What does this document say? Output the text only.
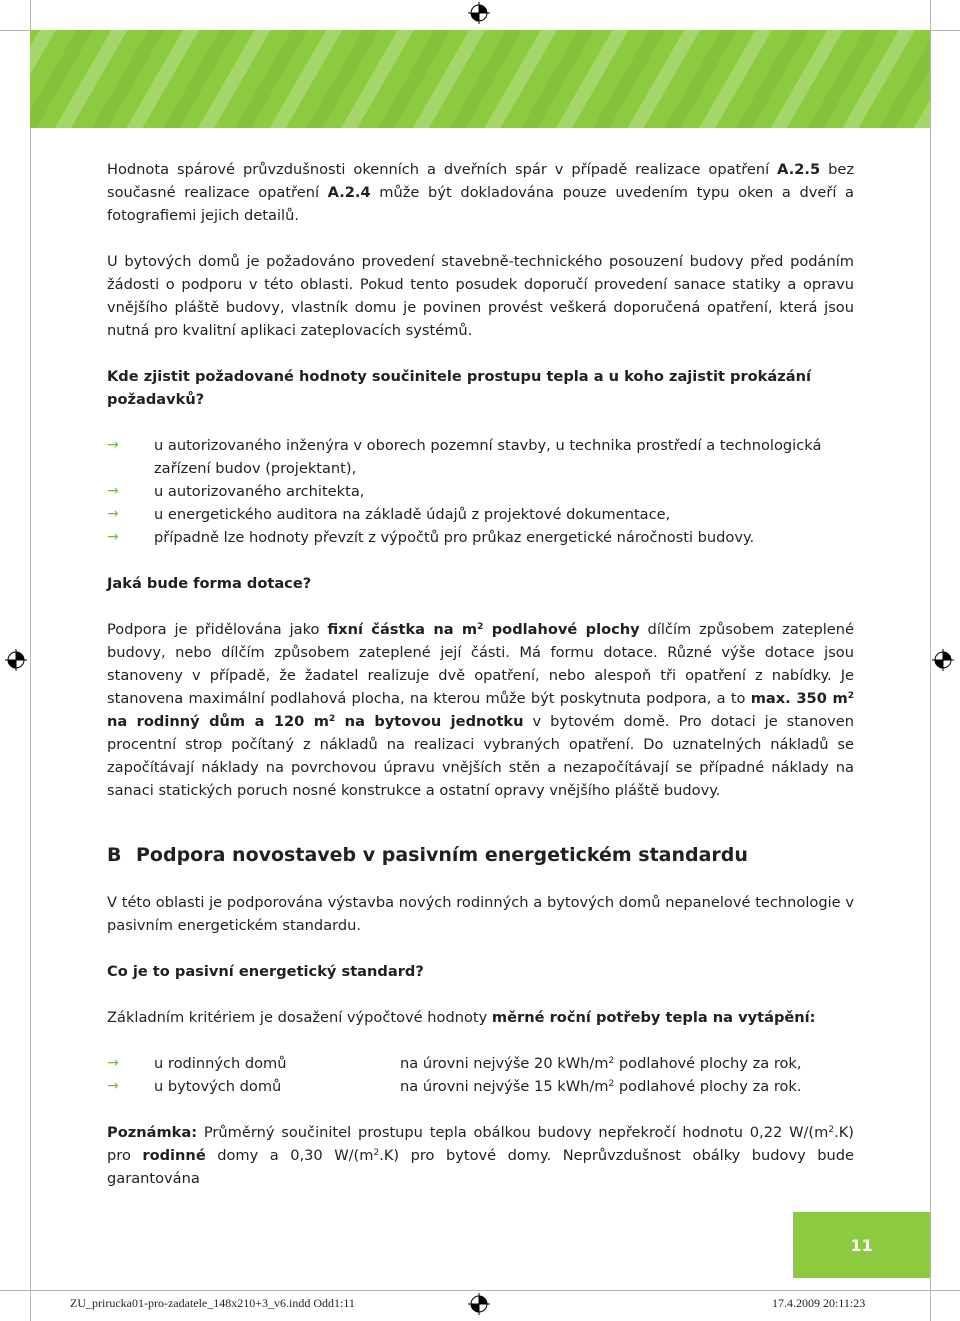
Hodnota spárové průvzdušnosti okenních a dveřních spár v případě realizace opatření A.2.5 bez současné realizace opatření A.2.4 může být dokladována pouze uvedením typu oken a dveří a fotografiemi jejich detailů.

U bytových domů je požadováno provedení stavebně-technického posouzení budovy před podáním žádosti o podporu v této oblasti. Pokud tento posudek doporučí provedení sanace statiky a opravu vnějšího pláště budovy, vlastník domu je povinen provést veškerá doporučená opatření, která jsou nutná pro kvalitní aplikaci zateplovacích systémů.

Kde zjistit požadované hodnoty součinitele prostupu tepla a u koho zajistit prokázání požadavků?

→ u autorizovaného inženýra v oborech pozemní stavby, u technika prostředí a technologická zařízení budov (projektant),
→ u autorizovaného architekta,
→ u energetického auditora na základě údajů z projektové dokumentace,
→ případně lze hodnoty převzít z výpočtů pro průkaz energetické náročnosti budovy.

Jaká bude forma dotace?

Podpora je přidělována jako fixní částka na $m^2$ podlahové plochy dílčím způsobem zateplené budovy, nebo dílčím způsobem zateplené její části. Má formu dotace. Různé výše dotace jsou stanoveny v případě, že žadatel realizuje dvě opatření, nebo alespoň tři opatření z nabídky. Je stanovena maximální podlahová plocha, na kterou může být poskytnuta podpora, a to max. 350 $m^2$ na rodinný dům a 120 $m^2$ na bytovou jednotku v bytovém domě. Pro dotaci je stanoven procentní strop počítaný z nákladů na realizaci vybraných opatření. Do uznatelných nákladů se započítávají náklady na povrchovou úpravu vnějších stěn a nezapočítávají se případné náklady na sanaci statických poruch nosné konstrukce a ostatní opravy vnějšího pláště budovy.

B Podpora novostaveb v pasivním energetickém standardu

V této oblasti je podporována výstavba nových rodinných a bytových domů nepanelové technologie v pasivním energetickém standardu.

Co je to pasivní energetický standard?

Základním kritériem je dosažení výpočtové hodnoty měrné roční potřeby tepla na vytápění:

→ u rodinných domů	na úrovni nejvýše 20 kWh/$m^2$ podlahové plochy za rok,
→ u bytových domů	na úrovni nejvýše 15 kWh/$m^2$ podlahové plochy za rok.

Poznámka: Průměrný součinitel prostupu tepla obálkou budovy nepřekročí hodnotu 0,22 $W/(m^2.K)$ pro rodinné domy a 0,30 $W/(m^2.K)$ pro bytové domy. Neprůvzdušnost obálky budovy bude garantována

11
ZU_prirucka01-pro-zadatele_148x210+3_v6.indd Odd1:11	17.4.2009 20:11:23
